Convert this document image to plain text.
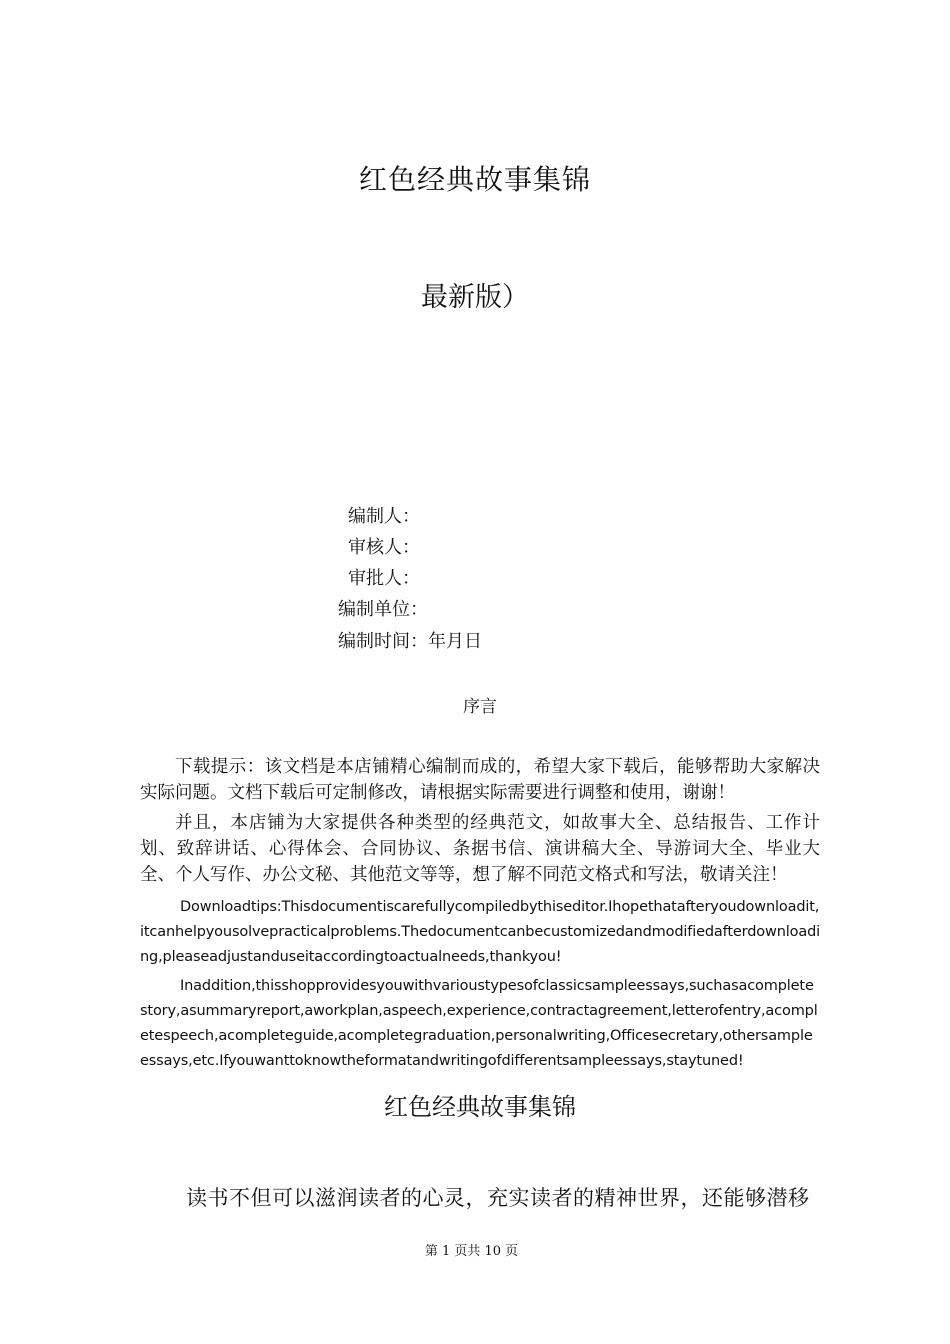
红色经典故事集锦
最新版）
编制人：
审核人：
审批人：
编制单位：
编制时间：年月日
序言
下载提示：该文档是本店铺精心编制而成的，希望大家下载后，能够帮助大家解决实际问题。文档下载后可定制修改，请根据实际需要进行调整和使用，谢谢！
并且，本店铺为大家提供各种类型的经典范文，如故事大全、总结报告、工作计划、致辞讲话、心得体会、合同协议、条据书信、演讲稿大全、导游词大全、毕业大全、个人写作、办公文秘、其他范文等等，想了解不同范文格式和写法，敬请关注！
Downloadtips:Thisdocumentiscarefullycompiledbythiseditor.Ihopethatafteryoudownloadit,itcanhelpyousolvepracticalproblems.Thedocumentcanbecustomizedandmodifiedafterdownloading,pleaseadjustanduseitaccordingtoactualneeds,thankyou!
Inaddition,thisshopprovidesyouwithvarioustypesofclassicsampleessays,suchasacompletestory,asummaryreport,aworkplan,aspeech,experience,contractagreement,letterofentry,acompletespeech,acompleteguide,acompletegraduation,personalwriting,Officesecretary,othersampleessays,etc.Ifyouwanttoknowtheformatandwritingofdifferentsampleessays,staytuned!
红色经典故事集锦
读书不但可以滋润读者的心灵，充实读者的精神世界，还能够潜移
第 1 页共 10 页
